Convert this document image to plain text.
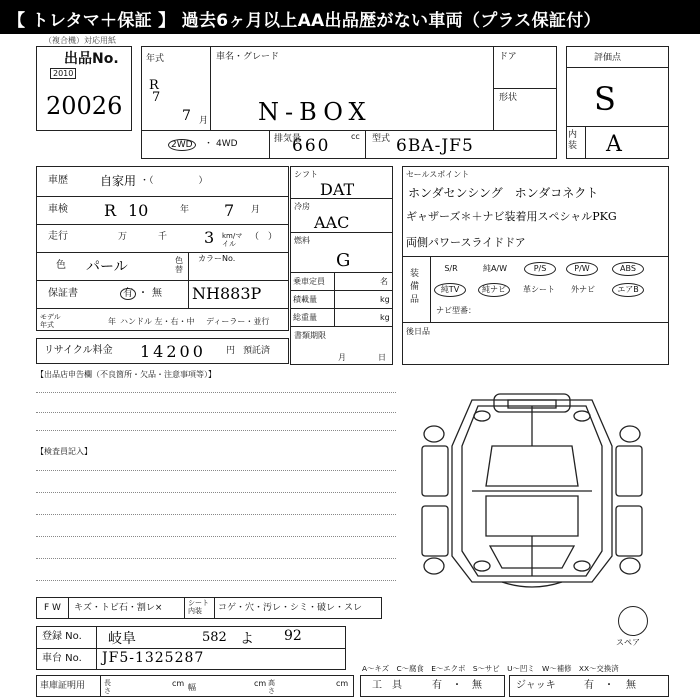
【 トレタマ＋保証 】 過去6ヶ月以上AA出品歴がない車両（プラス保証付）
（複合機）対応用紙
出品No.
2010
20026
年式
R
7
7 月
車名・グレード
N-BOX
ドア
形状
2WD	・ 4WD	排気量
660	cc 型式 6BA-JF5
評価点
S
内装 A
車歴	自家用 ・（　　　　　）
車検 R 10	年 7 月
走行	万	千 3 km/マイル
（　）
色 パール	色替
カラーNo.
NH883P
保証書	有 ・ 無
モデル年式	年 ハンドル 左・右・中 ディーラー・並行
リサイクル料金 14200 円 預託済
シフト
DAT
冷房
AAC
燃料
G
乗車定員	名
積載量	kg
総重量	kg
書類期限
月	日
セールスポイント
ホンダセンシング　ホンダコネクト
ギャザーズ＊＋ナビ装着用スペシャルPKG
両側パワースライドドア
装備品
S/R	純A/W	P/S	P/W	ABS
純TV	純ナビ	革シート	外ナビ	エアB
ナビ型番：
後日品
【出品店申告欄（不良箇所・欠品・注意事項等）】
【検査員記入】
スペア
F W キズ・トビ石・割レ×	シート内装	コゲ・穴・汚レ・シミ・破レ・スレ
登録 No. 岐阜	582 よ 92
車台 No. JF5-1325287
A～キズ　C～腐食　E～エクボ　S～サビ　U～凹ミ　W～補修　XX～交換済
車庫証明用	長さ
cm 幅	cm 高さ
cm 工　具	有 ・ 無	ジャッキ	有 ・ 無
